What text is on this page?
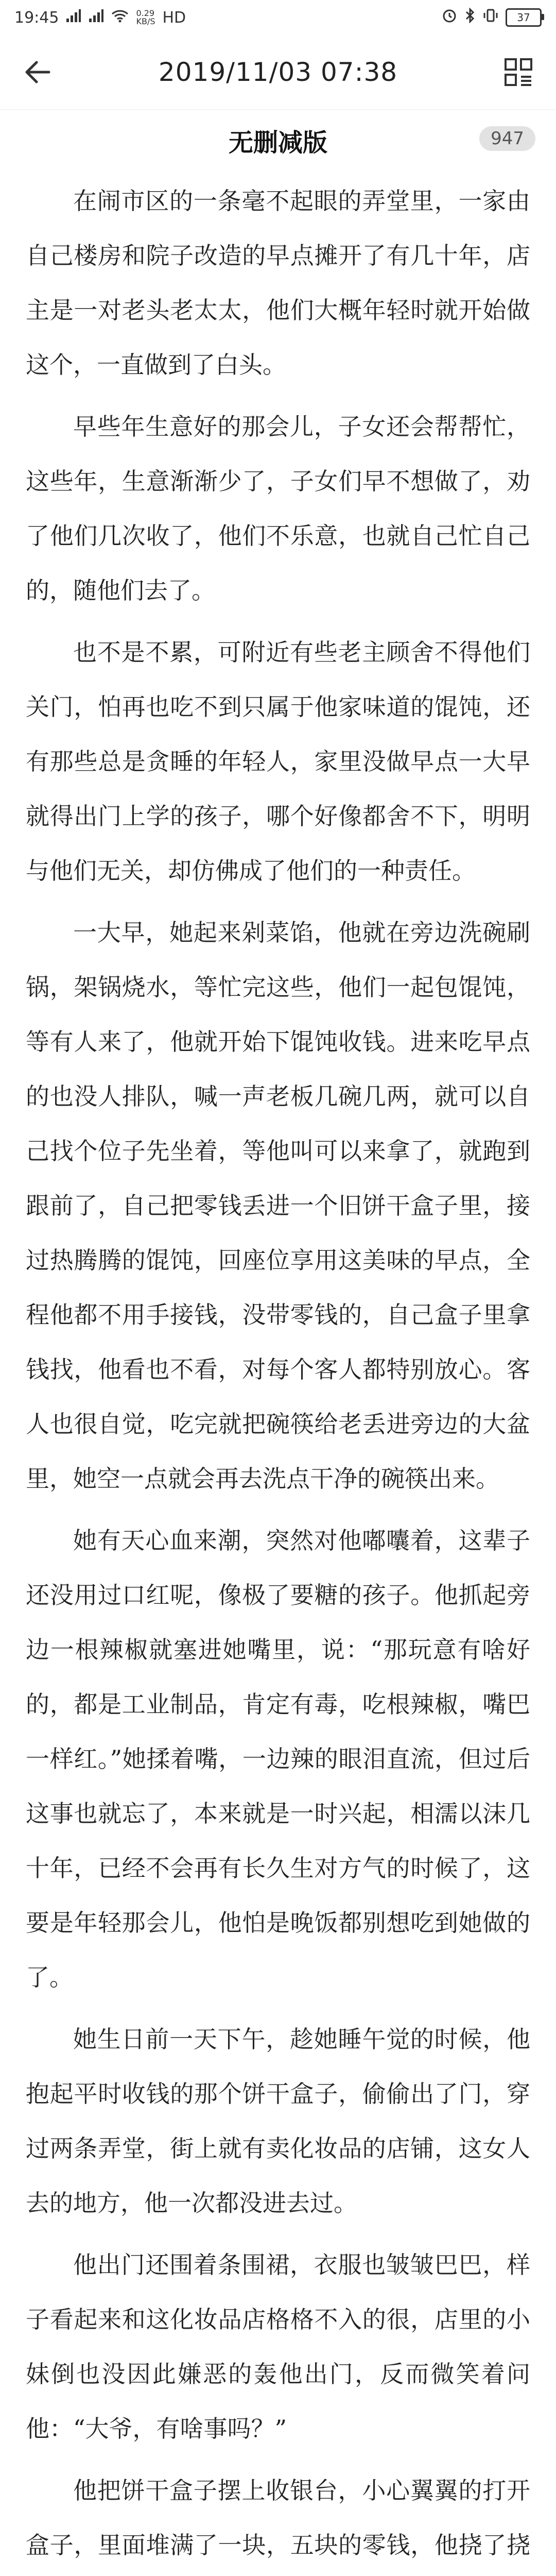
19:45	0.29
KB/S HD	37
2019/11/03 07:38
无删减版	947

在闹市区的一条毫不起眼的弄堂里，一家由自己楼房和院子改造的早点摊开了有几十年，店主是一对老头老太太，他们大概年轻时就开始做这个，一直做到了白头。

早些年生意好的那会儿，子女还会帮帮忙，这些年，生意渐渐少了，子女们早不想做了，劝了他们几次收了，他们不乐意，也就自己忙自己的，随他们去了。

也不是不累，可附近有些老主顾舍不得他们关门，怕再也吃不到只属于他家味道的馄饨，还有那些总是贪睡的年轻人，家里没做早点一大早就得出门上学的孩子，哪个好像都舍不下，明明与他们无关，却仿佛成了他们的一种责任。

一大早，她起来剁菜馅，他就在旁边洗碗刷锅，架锅烧水，等忙完这些，他们一起包馄饨，等有人来了，他就开始下馄饨收钱。进来吃早点的也没人排队，喊一声老板几碗几两，就可以自己找个位子先坐着，等他叫可以来拿了，就跑到跟前了，自己把零钱丢进一个旧饼干盒子里，接过热腾腾的馄饨，回座位享用这美味的早点，全程他都不用手接钱，没带零钱的，自己盒子里拿钱找，他看也不看，对每个客人都特别放心。客人也很自觉，吃完就把碗筷给老丢进旁边的大盆里，她空一点就会再去洗点干净的碗筷出来。

她有天心血来潮，突然对他嘟囔着，这辈子还没用过口红呢，像极了要糖的孩子。他抓起旁边一根辣椒就塞进她嘴里，说：“那玩意有啥好的，都是工业制品，肯定有毒，吃根辣椒，嘴巴一样红。”她揉着嘴，一边辣的眼泪直流，但过后这事也就忘了，本来就是一时兴起，相濡以沫几十年，已经不会再有长久生对方气的时候了，这要是年轻那会儿，他怕是晚饭都别想吃到她做的了。

她生日前一天下午，趁她睡午觉的时候，他抱起平时收钱的那个饼干盒子，偷偷出了门，穿过两条弄堂，街上就有卖化妆品的店铺，这女人去的地方，他一次都没进去过。

他出门还围着条围裙，衣服也皱皱巴巴，样子看起来和这化妆品店格格不入的很，店里的小妹倒也没因此嫌恶的轰他出门，反而微笑着问他：“大爷，有啥事吗？”

他把饼干盒子摆上收银台，小心翼翼的打开盒子，里面堆满了一块，五块的零钱，他挠了挠
